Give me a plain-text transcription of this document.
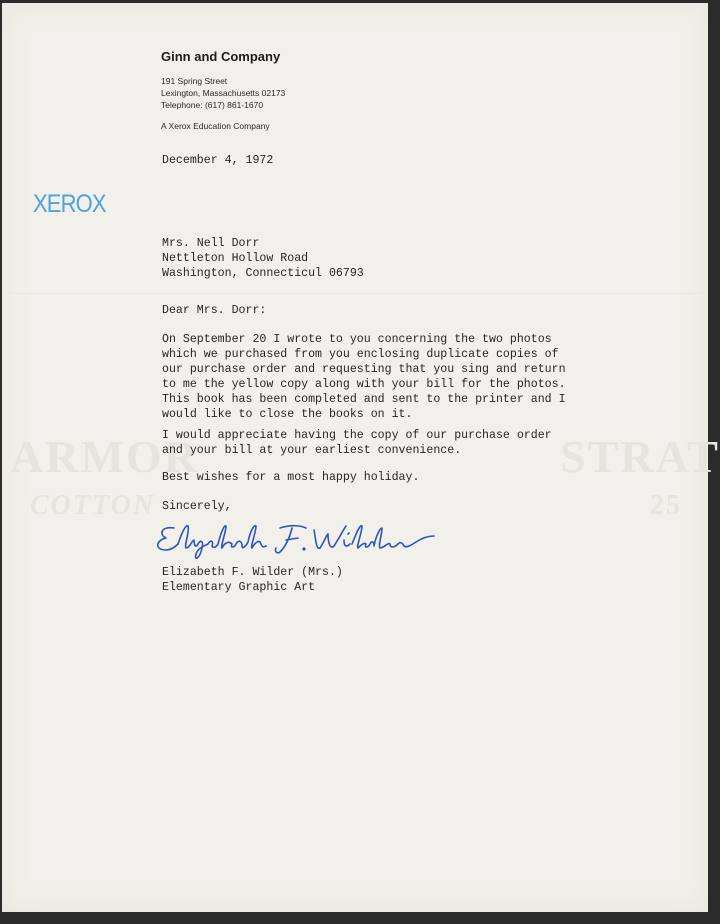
ARMOR	STRAT
COTTON	25
Ginn and Company
191 Spring Street
Lexington, Massachusetts 02173
Telephone: (617) 861-1670
A Xerox Education Company
XEROX
December 4, 1972
Mrs. Nell Dorr
Nettleton Hollow Road
Washington, Connecticul 06793
Dear Mrs. Dorr:
On September 20 I wrote to you concerning the two photos
which we purchased from you enclosing duplicate copies of
our purchase order and requesting that you sing and return
to me the yellow copy along with your bill for the photos.
This book has been completed and sent to the printer and I
would like to close the books on it.
I would appreciate having the copy of our purchase order
and your bill at your earliest convenience.
Best wishes for a most happy holiday.
Sincerely,
Elizabeth F. Wilder (Mrs.)
Elementary Graphic Art
